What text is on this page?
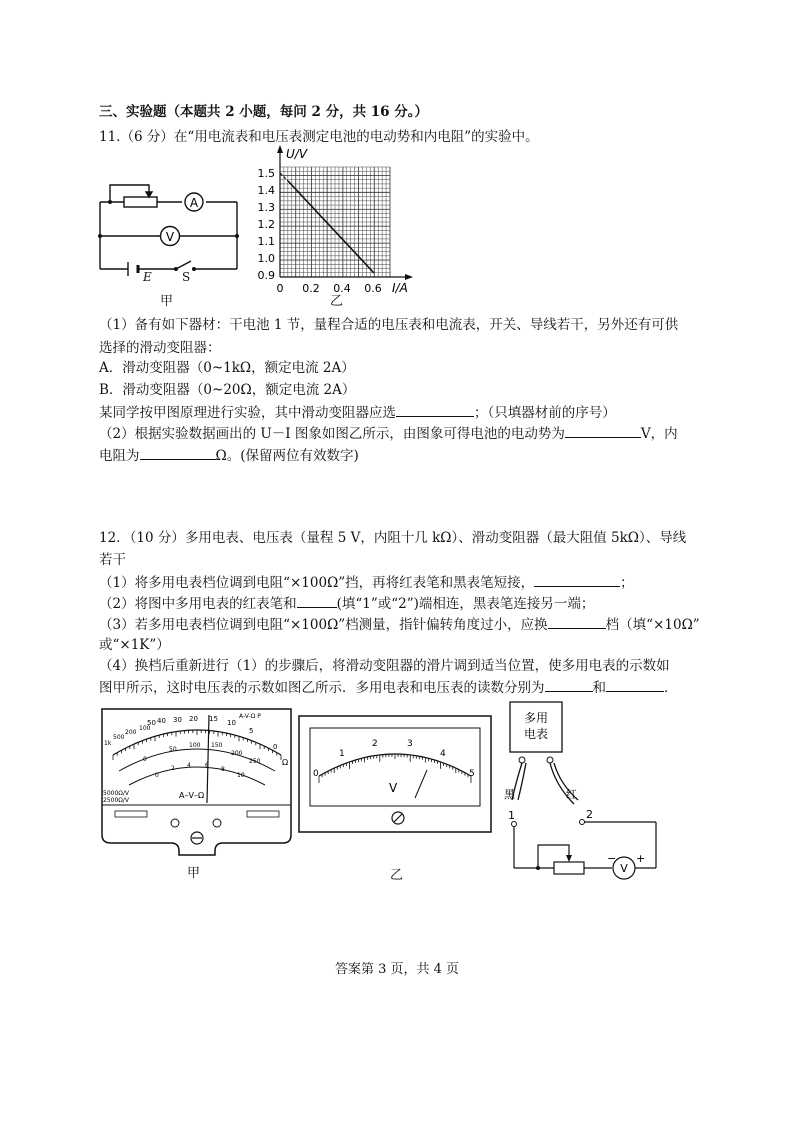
三、实验题（本题共 2 小题，每问 2 分，共 16 分。）
11.（6 分）在“用电流表和电压表测定电池的电动势和内电阻”的实验中。
A
V
E	S
甲
1.5
1.4
1.3
1.2
1.1
1.0
0.9
0 0.2 0.4 0.6
U/V
I/A
乙
（1）备有如下器材：干电池 1 节，量程合适的电压表和电流表，开关、导线若干，另外还有可供
选择的滑动变阻器：
A．滑动变阻器（0~1kΩ，额定电流 2A）
B．滑动变阻器（0~20Ω，额定电流 2A）
某同学按甲图原理进行实验，其中滑动变阻器应选	；（只填器材前的序号）
（2）根据实验数据画出的 U－I 图象如图乙所示，由图象可得电池的电动势为	V，内
电阻为	Ω。(保留两位有效数字)
12．（10 分）多用电表、电压表（量程 5 V，内阻十几 kΩ）、滑动变阻器（最大阻值 5kΩ）、导线
若干
（1）将多用电表档位调到电阻“×100Ω”挡，再将红表笔和黑表笔短接，	；
（2）将图中多用电表的红表笔和	(填“1”或“2”)端相连，黑表笔连接另一端；
（3）若多用电表档位调到电阻“×100Ω”档测量，指针偏转角度过小，应换	档（填“×10Ω”
或“×1K”）
（4）换档后重新进行（1）的步骤后，将滑动变阻器的滑片调到适当位置，使多用电表的示数如
图甲所示，这时电压表的示数如图乙所示．多用电表和电压表的读数分别为	和	．
1k
500
200
100
50 40 30 20 15 10
5
0
Ω
0
50
100 150
200
250
0
2 4 6
8
10
A-V-Ω P
5000Ω/V
2500Ω/V
A–V–Ω
甲
0
1
2	3
4
5
V
乙
多用
电表
黑	红
1	2
V
− +
答案第 3 页，共 4 页
